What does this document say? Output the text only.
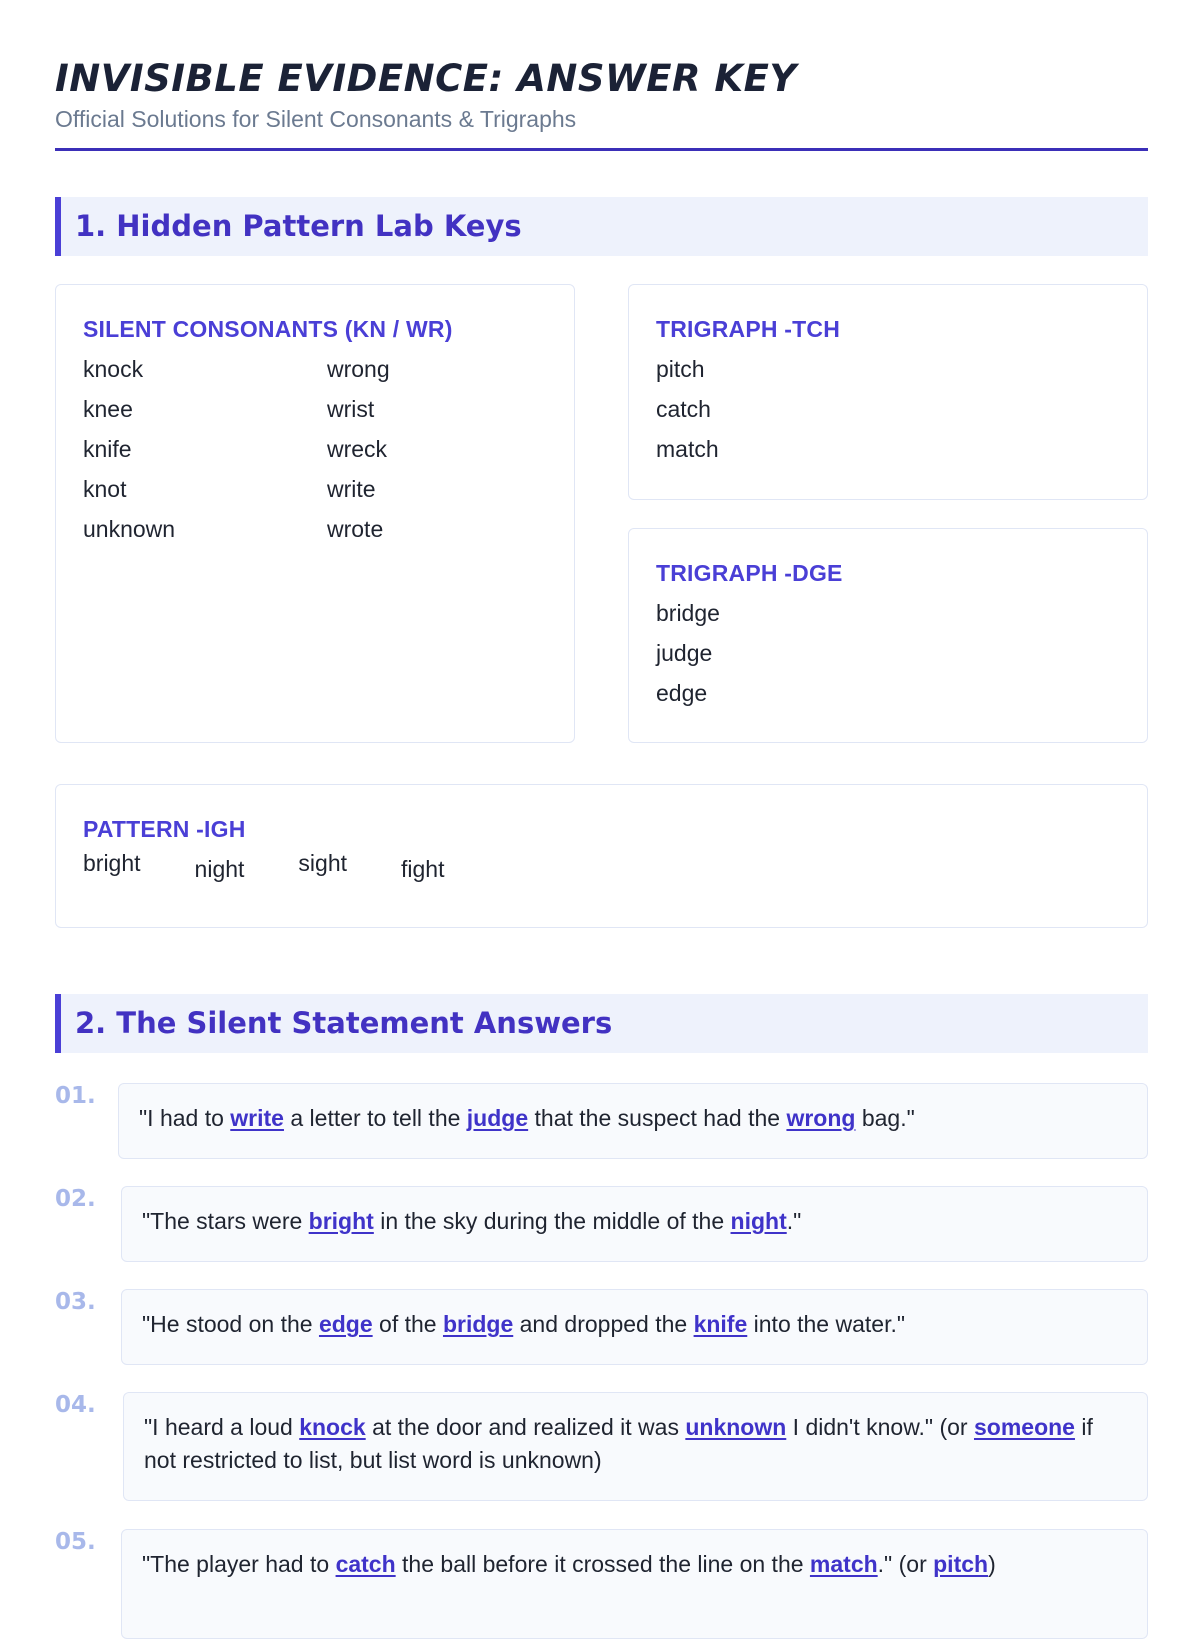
INVISIBLE EVIDENCE: ANSWER KEY
Official Solutions for Silent Consonants & Trigraphs
1. Hidden Pattern Lab Keys
SILENT CONSONANTS (KN / WR)
knock
knee
knife
knot
unknown
wrong
wrist
wreck
write
wrote
TRIGRAPH -TCH
pitch
catch
match
TRIGRAPH -DGE
bridge
judge
edge
PATTERN -IGH
bright night sight fight
2. The Silent Statement Answers
01.
"I had to write a letter to tell the judge that the suspect had the wrong bag."
02.
"The stars were bright in the sky during the middle of the night."
03.
"He stood on the edge of the bridge and dropped the knife into the water."
04.
"I heard a loud knock at the door and realized it was unknown I didn't know." (or someone if not restricted to list, but list word is unknown)
05.
"The player had to catch the ball before it crossed the line on the match." (or pitch)
